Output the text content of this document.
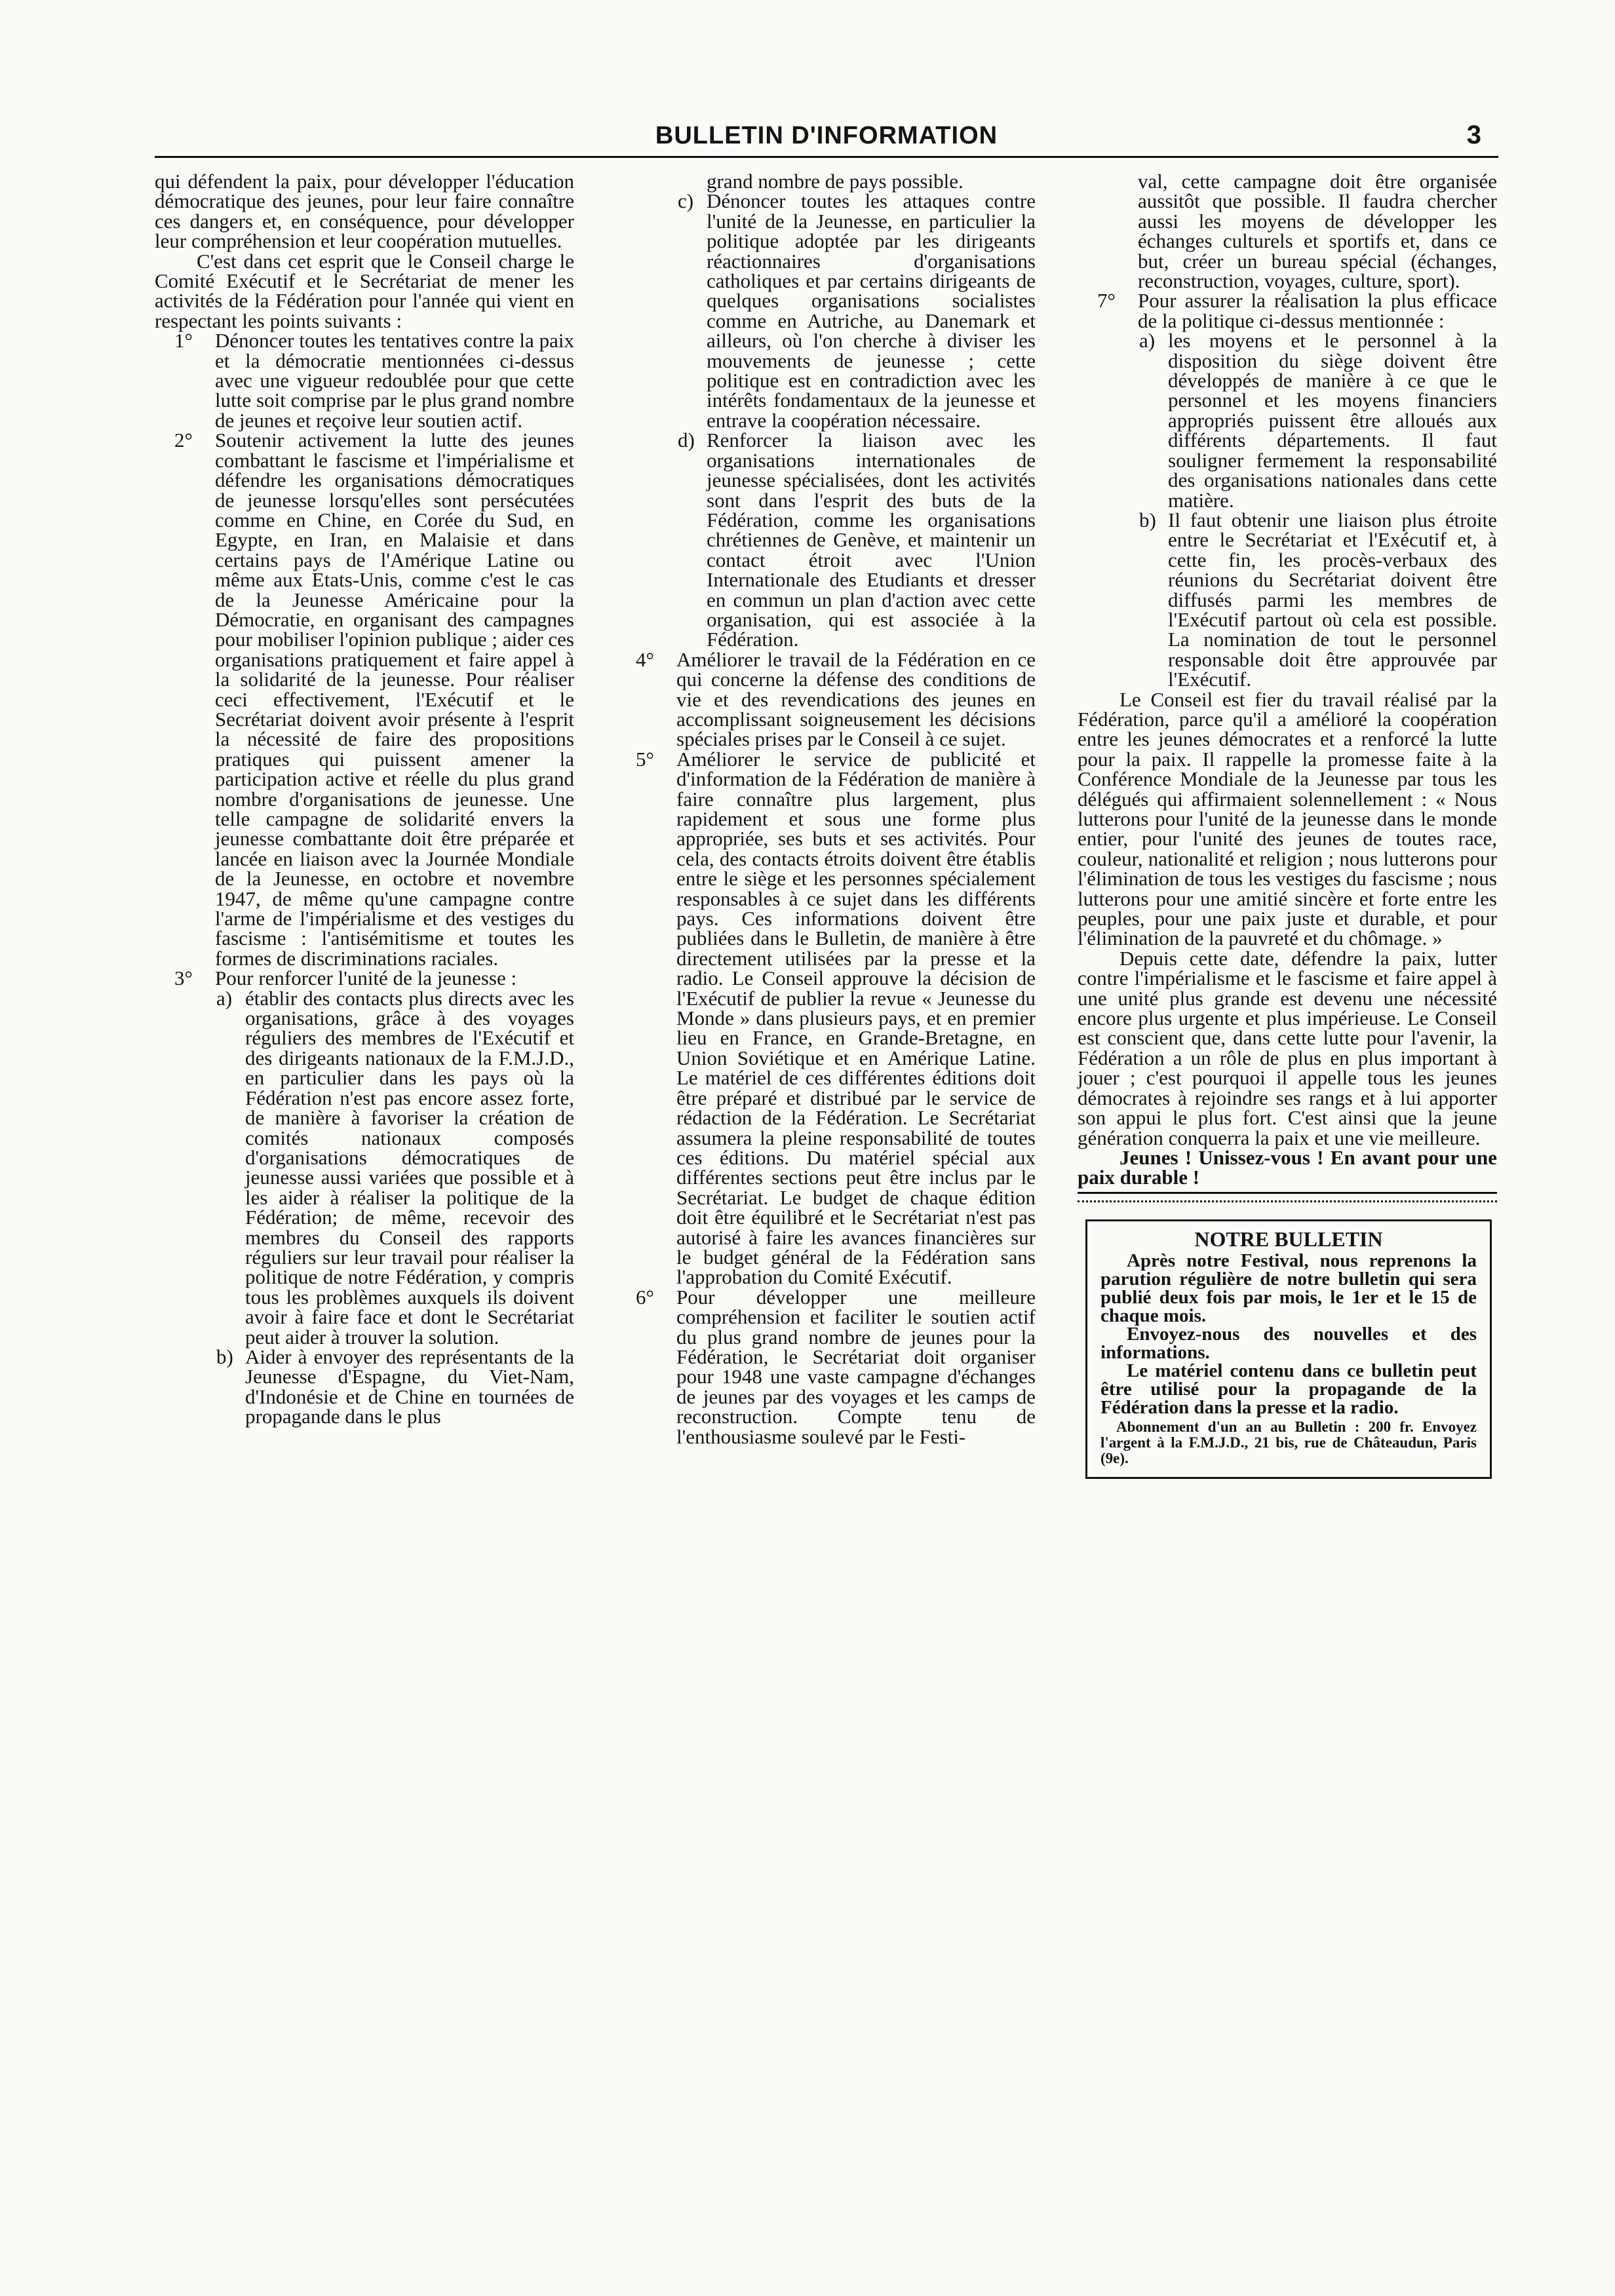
BULLETIN D'INFORMATION	3

qui défendent la paix, pour développer l'éducation démocratique des jeunes, pour leur faire connaître ces dangers et, en conséquence, pour développer leur compréhension et leur coopération mutuelles.

C'est dans cet esprit que le Conseil charge le Comité Exécutif et le Secrétariat de mener les activités de la Fédération pour l'année qui vient en respectant les points suivants :

1° Dénoncer toutes les tentatives contre la paix et la démocratie mentionnées ci-dessus avec une vigueur redoublée pour que cette lutte soit comprise par le plus grand nombre de jeunes et reçoive leur soutien actif.

2° Soutenir activement la lutte des jeunes combattant le fascisme et l'impérialisme et défendre les organisations démocratiques de jeunesse lorsqu'elles sont persécutées comme en Chine, en Corée du Sud, en Egypte, en Iran, en Malaisie et dans certains pays de l'Amérique Latine ou même aux Etats-Unis, comme c'est le cas de la Jeunesse Américaine pour la Démocratie, en organisant des campagnes pour mobiliser l'opinion publique ; aider ces organisations pratiquement et faire appel à la solidarité de la jeunesse. Pour réaliser ceci effectivement, l'Exécutif et le Secrétariat doivent avoir présente à l'esprit la nécessité de faire des propositions pratiques qui puissent amener la participation active et réelle du plus grand nombre d'organisations de jeunesse. Une telle campagne de solidarité envers la jeunesse combattante doit être préparée et lancée en liaison avec la Journée Mondiale de la Jeunesse, en octobre et novembre 1947, de même qu'une campagne contre l'arme de l'impérialisme et des vestiges du fascisme : l'antisémitisme et toutes les formes de discriminations raciales.

3° Pour renforcer l'unité de la jeunesse :

a) établir des contacts plus directs avec les organisations, grâce à des voyages réguliers des membres de l'Exécutif et des dirigeants nationaux de la F.M.J.D., en particulier dans les pays où la Fédération n'est pas encore assez forte, de manière à favoriser la création de comités nationaux composés d'organisations démocratiques de jeunesse aussi variées que possible et à les aider à réaliser la politique de la Fédération; de même, recevoir des membres du Conseil des rapports réguliers sur leur travail pour réaliser la politique de notre Fédération, y compris tous les problèmes auxquels ils doivent avoir à faire face et dont le Secrétariat peut aider à trouver la solution.

b) Aider à envoyer des représentants de la Jeunesse d'Espagne, du Viet-Nam, d'Indonésie et de Chine en tournées de propagande dans le plus

grand nombre de pays possible.

c) Dénoncer toutes les attaques contre l'unité de la Jeunesse, en particulier la politique adoptée par les dirigeants réactionnaires d'organisations catholiques et par certains dirigeants de quelques organisations socialistes comme en Autriche, au Danemark et ailleurs, où l'on cherche à diviser les mouvements de jeunesse ; cette politique est en contradiction avec les intérêts fondamentaux de la jeunesse et entrave la coopération nécessaire.

d) Renforcer la liaison avec les organisations internationales de jeunesse spécialisées, dont les activités sont dans l'esprit des buts de la Fédération, comme les organisations chrétiennes de Genève, et maintenir un contact étroit avec l'Union Internationale des Etudiants et dresser en commun un plan d'action avec cette organisation, qui est associée à la Fédération.

4° Améliorer le travail de la Fédération en ce qui concerne la défense des conditions de vie et des revendications des jeunes en accomplissant soigneusement les décisions spéciales prises par le Conseil à ce sujet.

5° Améliorer le service de publicité et d'information de la Fédération de manière à faire connaître plus largement, plus rapidement et sous une forme plus appropriée, ses buts et ses activités. Pour cela, des contacts étroits doivent être établis entre le siège et les personnes spécialement responsables à ce sujet dans les différents pays. Ces informations doivent être publiées dans le Bulletin, de manière à être directement utilisées par la presse et la radio. Le Conseil approuve la décision de l'Exécutif de publier la revue « Jeunesse du Monde » dans plusieurs pays, et en premier lieu en France, en Grande-Bretagne, en Union Soviétique et en Amérique Latine. Le matériel de ces différentes éditions doit être préparé et distribué par le service de rédaction de la Fédération. Le Secrétariat assumera la pleine responsabilité de toutes ces éditions. Du matériel spécial aux différentes sections peut être inclus par le Secrétariat. Le budget de chaque édition doit être équilibré et le Secrétariat n'est pas autorisé à faire les avances financières sur le budget général de la Fédération sans l'approbation du Comité Exécutif.

6° Pour développer une meilleure compréhension et faciliter le soutien actif du plus grand nombre de jeunes pour la Fédération, le Secrétariat doit organiser pour 1948 une vaste campagne d'échanges de jeunes par des voyages et les camps de reconstruction. Compte tenu de l'enthousiasme soulevé par le Festi-

val, cette campagne doit être organisée aussitôt que possible. Il faudra chercher aussi les moyens de développer les échanges culturels et sportifs et, dans ce but, créer un bureau spécial (échanges, reconstruction, voyages, culture, sport).

7° Pour assurer la réalisation la plus efficace de la politique ci-dessus mentionnée :

a) les moyens et le personnel à la disposition du siège doivent être développés de manière à ce que le personnel et les moyens financiers appropriés puissent être alloués aux différents départements. Il faut souligner fermement la responsabilité des organisations nationales dans cette matière.

b) Il faut obtenir une liaison plus étroite entre le Secrétariat et l'Exécutif et, à cette fin, les procès-verbaux des réunions du Secrétariat doivent être diffusés parmi les membres de l'Exécutif partout où cela est possible. La nomination de tout le personnel responsable doit être approuvée par l'Exécutif.

Le Conseil est fier du travail réalisé par la Fédération, parce qu'il a amélioré la coopération entre les jeunes démocrates et a renforcé la lutte pour la paix. Il rappelle la promesse faite à la Conférence Mondiale de la Jeunesse par tous les délégués qui affirmaient solennellement : « Nous lutterons pour l'unité de la jeunesse dans le monde entier, pour l'unité des jeunes de toutes race, couleur, nationalité et religion ; nous lutterons pour l'élimination de tous les vestiges du fascisme ; nous lutterons pour une amitié sincère et forte entre les peuples, pour une paix juste et durable, et pour l'élimination de la pauvreté et du chômage. »

Depuis cette date, défendre la paix, lutter contre l'impérialisme et le fascisme et faire appel à une unité plus grande est devenu une nécessité encore plus urgente et plus impérieuse. Le Conseil est conscient que, dans cette lutte pour l'avenir, la Fédération a un rôle de plus en plus important à jouer ; c'est pourquoi il appelle tous les jeunes démocrates à rejoindre ses rangs et à lui apporter son appui le plus fort. C'est ainsi que la jeune génération conquerra la paix et une vie meilleure.

Jeunes ! Unissez-vous ! En avant pour une paix durable !

NOTRE BULLETIN

Après notre Festival, nous reprenons la parution régulière de notre bulletin qui sera publié deux fois par mois, le 1er et le 15 de chaque mois.

Envoyez-nous des nouvelles et des informations.

Le matériel contenu dans ce bulletin peut être utilisé pour la propagande de la Fédération dans la presse et la radio.

Abonnement d'un an au Bulletin : 200 fr. Envoyez l'argent à la F.M.J.D., 21 bis, rue de Châteaudun, Paris (9e).
